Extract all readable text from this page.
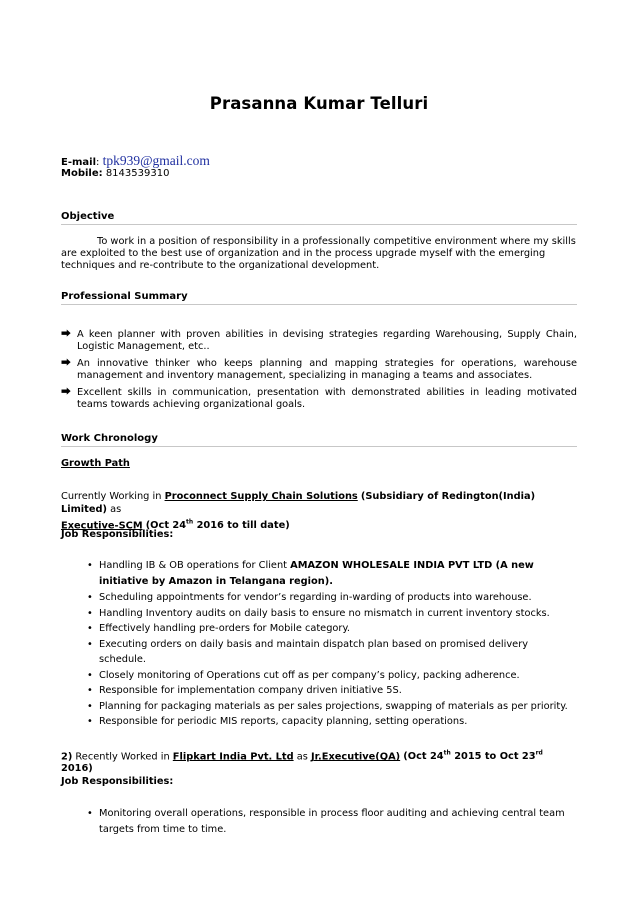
Prasanna Kumar Telluri
E-mail: tpk939@gmail.com
Mobile: 8143539310
Objective
To work in a position of responsibility in a professionally competitive environment where my skills are exploited to the best use of organization and in the process upgrade myself with the emerging techniques and re-contribute to the organizational development.
Professional Summary
⮕ A keen planner with proven abilities in devising strategies regarding Warehousing, Supply Chain, Logistic Management, etc..
⮕ An innovative thinker who keeps planning and mapping strategies for operations, warehouse management and inventory management, specializing in managing a teams and associates.
⮕ Excellent skills in communication, presentation with demonstrated abilities in leading motivated teams towards achieving organizational goals.
Work Chronology
Growth Path
Currently Working in Proconnect Supply Chain Solutions (Subsidiary of Redington(India) Limited) as
Executive-SCM (Oct 24th 2016 to till date)
Job Responsibilities:
• Handling IB & OB operations for Client AMAZON WHOLESALE INDIA PVT LTD (A new initiative by Amazon in Telangana region).
• Scheduling appointments for vendor’s regarding in-warding of products into warehouse.
• Handling Inventory audits on daily basis to ensure no mismatch in current inventory stocks.
• Effectively handling pre-orders for Mobile category.
• Executing orders on daily basis and maintain dispatch plan based on promised delivery schedule.
• Closely monitoring of Operations cut off as per company’s policy, packing adherence.
• Responsible for implementation company driven initiative 5S.
• Planning for packaging materials as per sales projections, swapping of materials as per priority.
• Responsible for periodic MIS reports, capacity planning, setting operations.
2) Recently Worked in Flipkart India Pvt. Ltd as Jr.Executive(QA) (Oct 24th 2015 to Oct 23rd 2016)
Job Responsibilities:
• Monitoring overall operations, responsible in process floor auditing and achieving central team targets from time to time.
